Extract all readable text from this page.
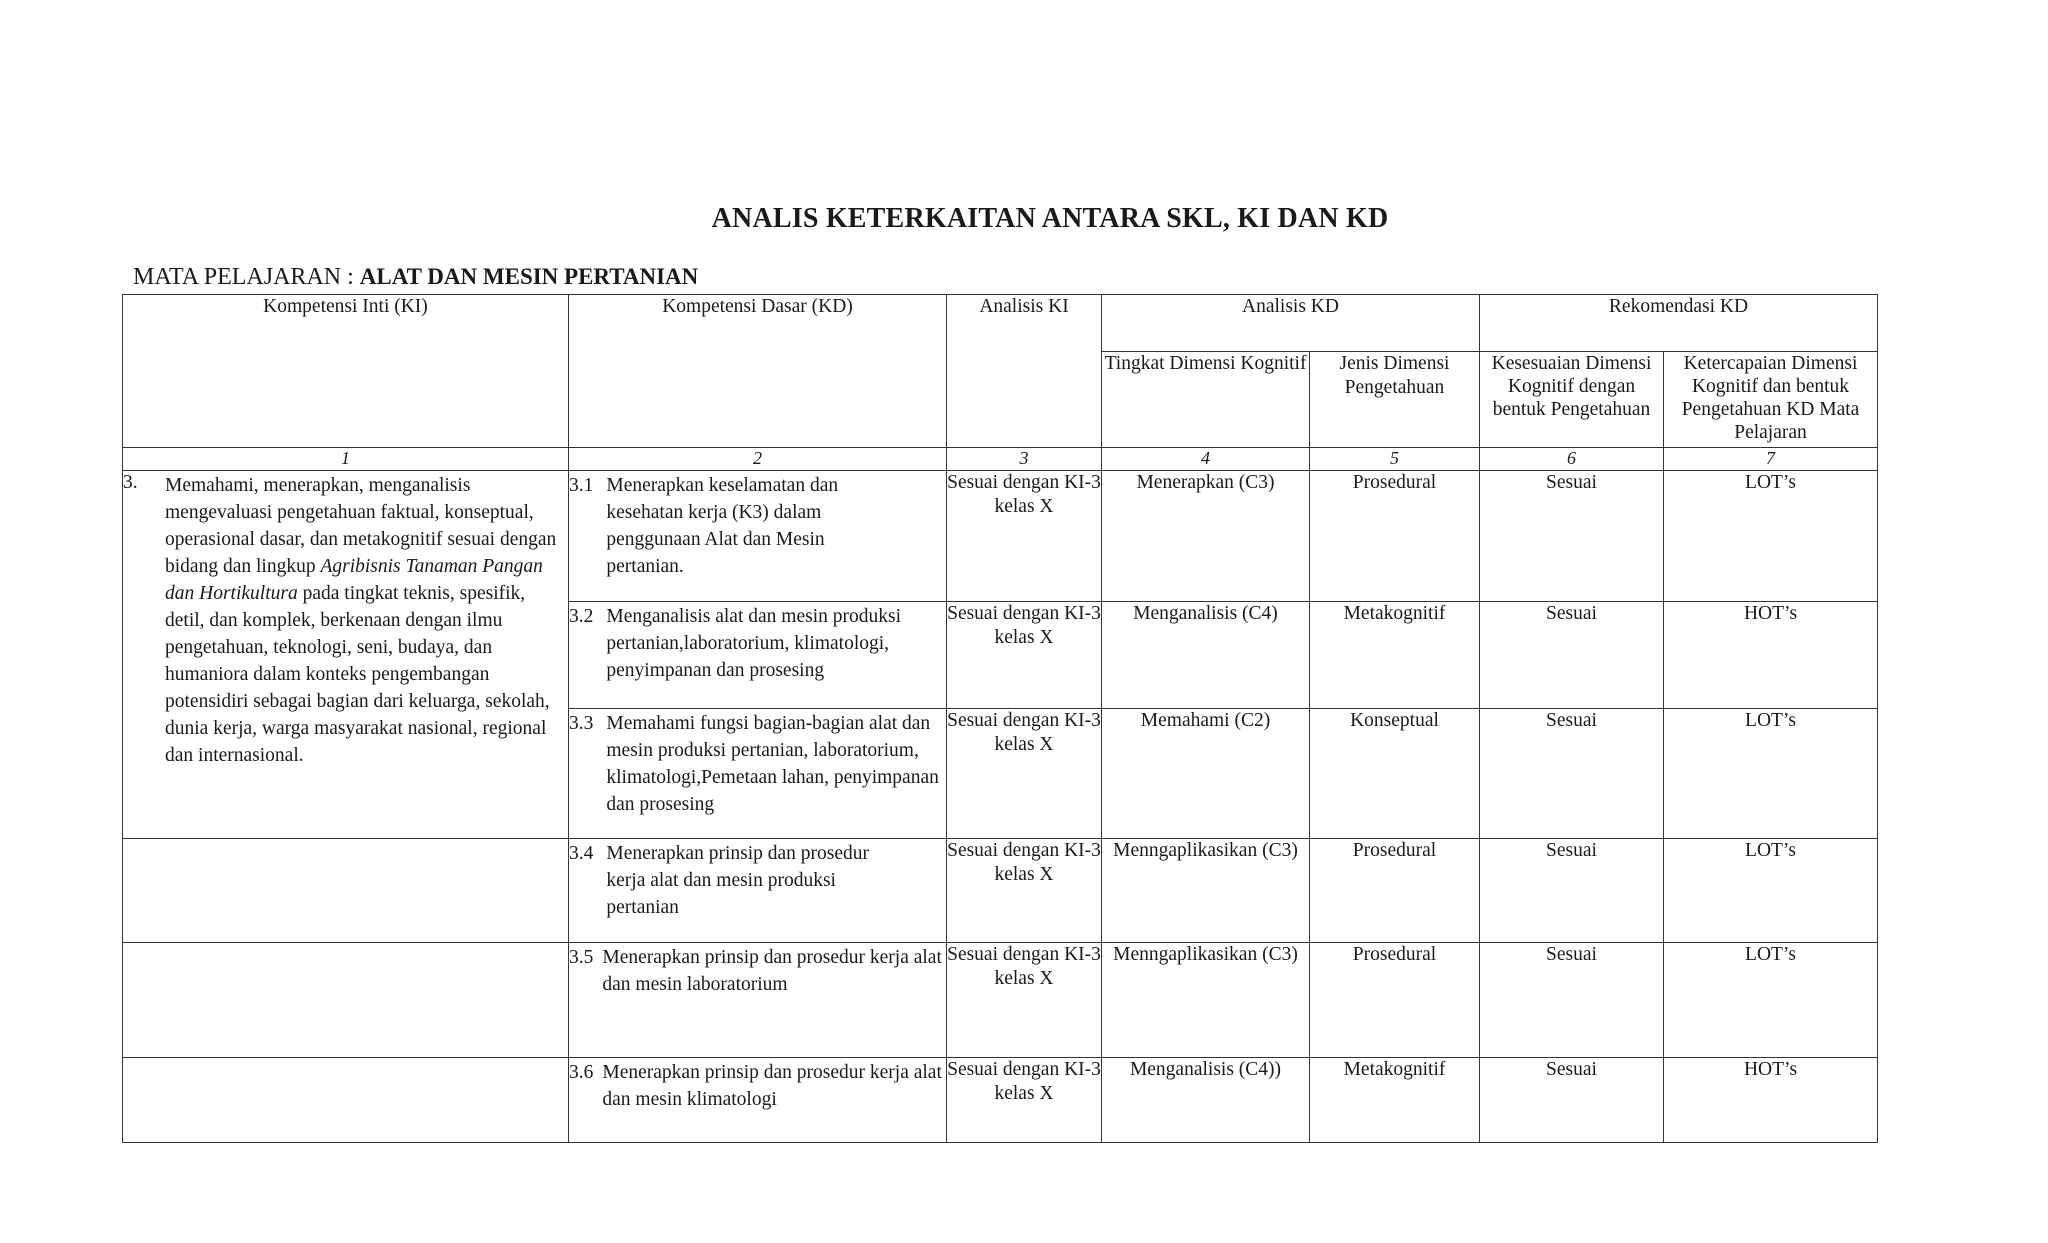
ANALIS KETERKAITAN ANTARA SKL, KI DAN KD
MATA PELAJARAN : ALAT DAN MESIN PERTANIAN
Kompetensi Inti (KI)	Kompetensi Dasar (KD)	Analisis KI	Analisis KD		Rekomendasi KD	
			Tingkat Dimensi Kognitif	Jenis Dimensi Pengetahuan	Kesesuaian Dimensi Kognitif dengan bentuk Pengetahuan	Ketercapaian Dimensi Kognitif dan bentuk Pengetahuan KD Mata Pelajaran
1	2	3	4	5	6	7

3. Memahami, menerapkan, menganalisis mengevaluasi pengetahuan faktual, konseptual, operasional dasar, dan metakognitif sesuai dengan bidang dan lingkup Agribisnis Tanaman Pangan dan Hortikultura pada tingkat teknis, spesifik, detil, dan komplek, berkenaan dengan ilmu pengetahuan, teknologi, seni, budaya, dan humaniora dalam konteks pengembangan potensidiri sebagai bagian dari keluarga, sekolah, dunia kerja, warga masyarakat nasional, regional dan internasional.	3.1 Menerapkan keselamatan dan kesehatan kerja (K3) dalam penggunaan Alat dan Mesin pertanian.	Sesuai dengan KI-3 kelas X	Menerapkan (C3)	Prosedural	Sesuai	LOT’s

	3.2 Menganalisis alat dan mesin produksi pertanian,laboratorium, klimatologi, penyimpanan dan prosesing	Sesuai dengan KI-3 kelas X	Menganalisis (C4)	Metakognitif	Sesuai	HOT’s

	3.3 Memahami fungsi bagian-bagian alat dan mesin produksi pertanian, laboratorium, klimatologi,Pemetaan lahan, penyimpanan dan prosesing	Sesuai dengan KI-3 kelas X	Memahami (C2)	Konseptual	Sesuai	LOT’s

	3.4 Menerapkan prinsip dan prosedur kerja alat dan mesin produksi pertanian	Sesuai dengan KI-3 kelas X	Menngaplikasikan (C3)	Prosedural	Sesuai	LOT’s

	3.5 Menerapkan prinsip dan prosedur kerja alat dan mesin laboratorium	Sesuai dengan KI-3 kelas X	Menngaplikasikan (C3)	Prosedural	Sesuai	LOT’s

	3.6 Menerapkan prinsip dan prosedur kerja alat dan mesin klimatologi	Sesuai dengan KI-3 kelas X	Menganalisis (C4))	Metakognitif	Sesuai	HOT’s
